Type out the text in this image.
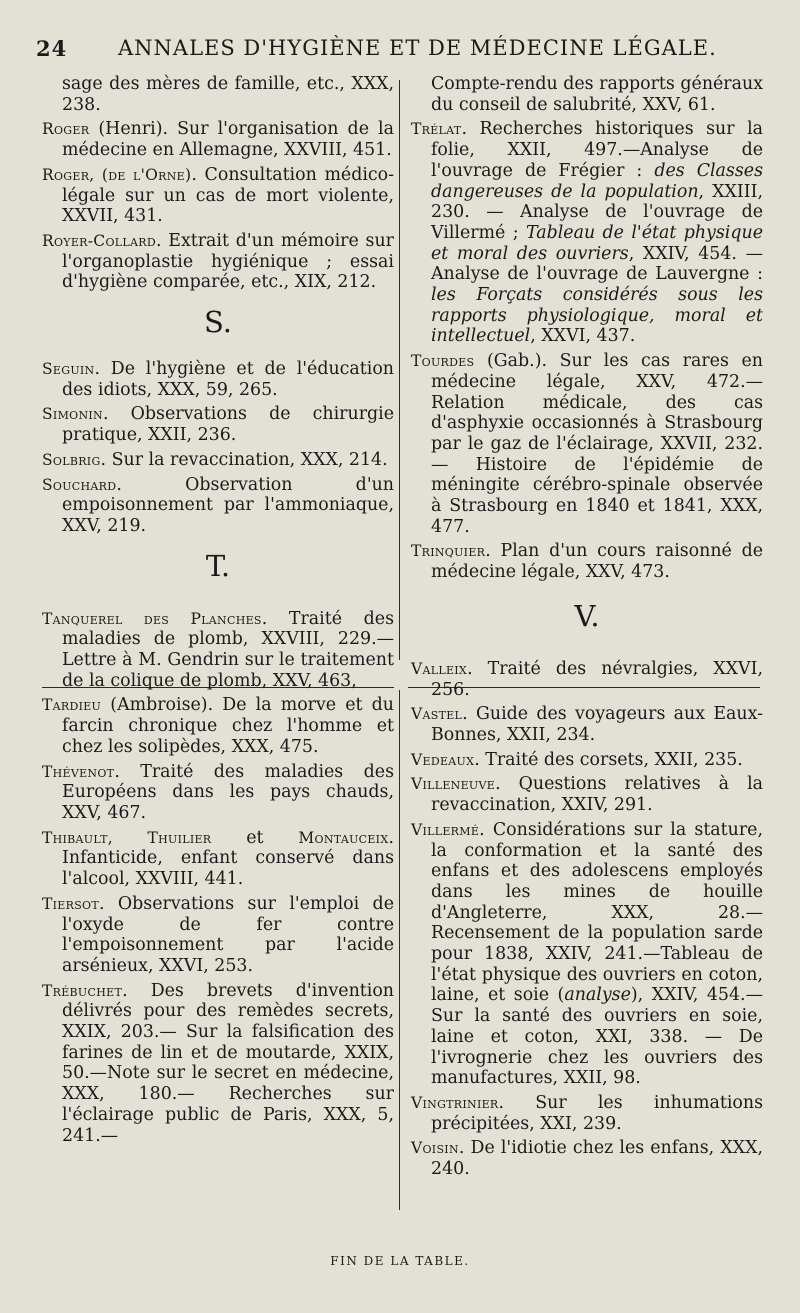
24 ANNALES D'HYGIÈNE ET DE MÉDECINE LÉGALE.
sage des mères de famille, etc., XXX, 238.
Roger (Henri). Sur l'organisation de la médecine en Allemagne, XXVIII, 451.
Roger, (de l'Orne). Consultation médico-légale sur un cas de mort violente, XXVII, 431.
Royer-Collard. Extrait d'un mémoire sur l'organoplastie hygiénique ; essai d'hygiène comparée, etc., XIX, 212.
S.
Seguin. De l'hygiène et de l'éducation des idiots, XXX, 59, 265.
Simonin. Observations de chirurgie pratique, XXII, 236.
Solbrig. Sur la revaccination, XXX, 214.
Souchard. Observation d'un empoisonnement par l'ammoniaque, XXV, 219.
T.
Tanquerel des Planches. Traité des maladies de plomb, XXVIII, 229.— Lettre à M. Gendrin sur le traitement de la colique de plomb, XXV, 463,
Tardieu (Ambroise). De la morve et du farcin chronique chez l'homme et chez les solipèdes, XXX, 475.
Thévenot. Traité des maladies des Européens dans les pays chauds, XXV, 467.
Thibault, Thuilier et Montauceix. Infanticide, enfant conservé dans l'alcool, XXVIII, 441.
Tiersot. Observations sur l'emploi de l'oxyde de fer contre l'empoisonnement par l'acide arsénieux, XXVI, 253.
Trébuchet. Des brevets d'invention délivrés pour des remèdes secrets, XXIX, 203.— Sur la falsification des farines de lin et de moutarde, XXIX, 50.—Note sur le secret en médecine, XXX, 180.— Recherches sur l'éclairage public de Paris, XXX, 5, 241.—
Compte-rendu des rapports généraux du conseil de salubrité, XXV, 61.
Trélat. Recherches historiques sur la folie, XXII, 497.—Analyse de l'ouvrage de Frégier : des Classes dangereuses de la population, XXIII, 230. — Analyse de l'ouvrage de Villermé ; Tableau de l'état physique et moral des ouvriers, XXIV, 454. — Analyse de l'ouvrage de Lauvergne : les Forçats considérés sous les rapports physiologique, moral et intellectuel, XXVI, 437.
Tourdes (Gab.). Sur les cas rares en médecine légale, XXV, 472.— Relation médicale, des cas d'asphyxie occasionnés à Strasbourg par le gaz de l'éclairage, XXVII, 232. — Histoire de l'épidémie de méningite cérébro-spinale observée à Strasbourg en 1840 et 1841, XXX, 477.
Trinquier. Plan d'un cours raisonné de médecine légale, XXV, 473.
V.
Valleix. Traité des névralgies, XXVI, 256.
Vastel. Guide des voyageurs aux Eaux-Bonnes, XXII, 234.
Vedeaux. Traité des corsets, XXII, 235.
Villeneuve. Questions relatives à la revaccination, XXIV, 291.
Villermé. Considérations sur la stature, la conformation et la santé des enfans et des adolescens employés dans les mines de houille d'Angleterre, XXX, 28.— Recensement de la population sarde pour 1838, XXIV, 241.—Tableau de l'état physique des ouvriers en coton, laine, et soie (analyse), XXIV, 454.— Sur la santé des ouvriers en soie, laine et coton, XXI, 338. — De l'ivrognerie chez les ouvriers des manufactures, XXII, 98.
Vingtrinier. Sur les inhumations précipitées, XXI, 239.
Voisin. De l'idiotie chez les enfans, XXX, 240.
FIN DE LA TABLE.
